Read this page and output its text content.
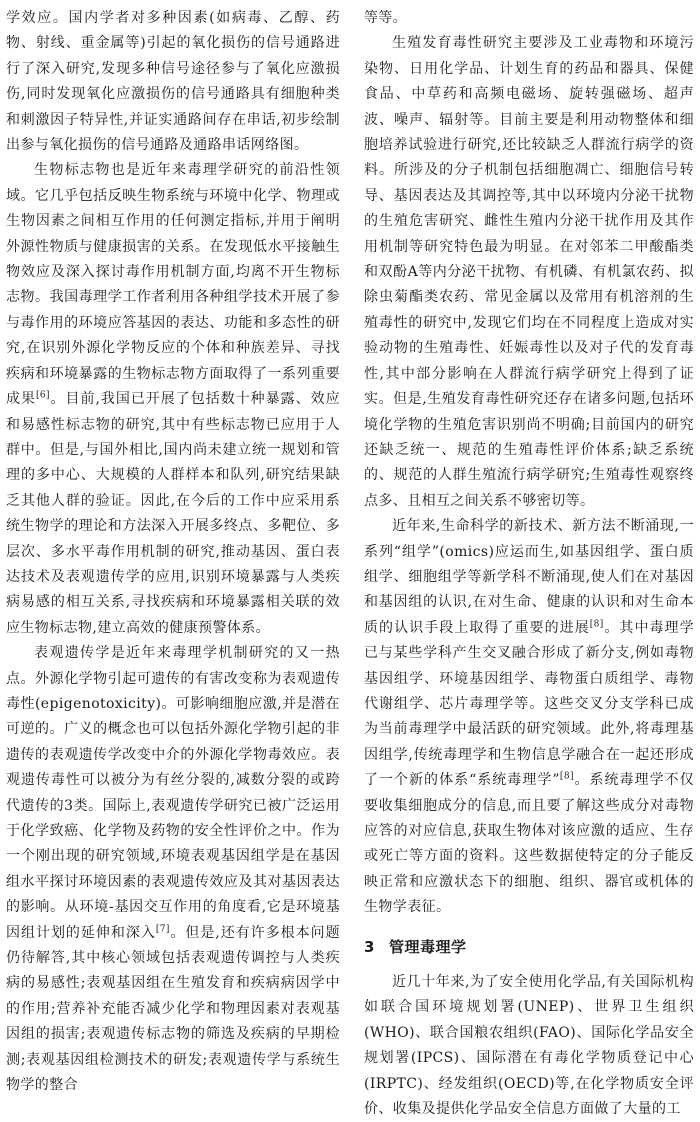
学效应。国内学者对多种因素(如病毒、乙醇、药物、射线、重金属等)引起的氧化损伤的信号通路进行了深入研究,发现多种信号途径参与了氧化应激损伤,同时发现氧化应激损伤的信号通路具有细胞种类和刺激因子特异性,并证实通路间存在串话,初步绘制出参与氧化损伤的信号通路及通路串话网络图。

生物标志物也是近年来毒理学研究的前沿性领域。它几乎包括反映生物系统与环境中化学、物理或生物因素之间相互作用的任何测定指标,并用于阐明外源性物质与健康损害的关系。在发现低水平接触生物效应及深入探讨毒作用机制方面,均离不开生物标志物。我国毒理学工作者利用各种组学技术开展了参与毒作用的环境应答基因的表达、功能和多态性的研究,在识别外源化学物反应的个体和种族差异、寻找疾病和环境暴露的生物标志物方面取得了一系列重要成果[6]。目前,我国已开展了包括数十种暴露、效应和易感性标志物的研究,其中有些标志物已应用于人群中。但是,与国外相比,国内尚未建立统一规划和管理的多中心、大规模的人群样本和队列,研究结果缺乏其他人群的验证。因此,在今后的工作中应采用系统生物学的理论和方法深入开展多终点、多靶位、多层次、多水平毒作用机制的研究,推动基因、蛋白表达技术及表观遗传学的应用,识别环境暴露与人类疾病易感的相互关系,寻找疾病和环境暴露相关联的效应生物标志物,建立高效的健康预警体系。

表观遗传学是近年来毒理学机制研究的又一热点。外源化学物引起可遗传的有害改变称为表观遗传毒性(epigenotoxicity)。可影响细胞应激,并是潜在可逆的。广义的概念也可以包括外源化学物引起的非遗传的表观遗传学改变中介的外源化学物毒效应。表观遗传毒性可以被分为有丝分裂的,减数分裂的或跨代遗传的3类。国际上,表观遗传学研究已被广泛运用于化学致癌、化学物及药物的安全性评价之中。作为一个刚出现的研究领域,环境表观基因组学是在基因组水平探讨环境因素的表观遗传效应及其对基因表达的影响。从环境-基因交互作用的角度看,它是环境基因组计划的延伸和深入[7]。但是,还有许多根本问题仍待解答,其中核心领域包括表观遗传调控与人类疾病的易感性;表观基因组在生殖发育和疾病病因学中的作用;营养补充能否减少化学和物理因素对表观基因组的损害;表观遗传标志物的筛选及疾病的早期检测;表观基因组检测技术的研发;表观遗传学与系统生物学的整合

等等。

生殖发育毒性研究主要涉及工业毒物和环境污染物、日用化学品、计划生育的药品和器具、保健食品、中草药和高频电磁场、旋转强磁场、超声波、噪声、辐射等。目前主要是利用动物整体和细胞培养试验进行研究,还比较缺乏人群流行病学的资料。所涉及的分子机制包括细胞凋亡、细胞信号转导、基因表达及其调控等,其中以环境内分泌干扰物的生殖危害研究、雌性生殖内分泌干扰作用及其作用机制等研究特色最为明显。在对邻苯二甲酸酯类和双酚A等内分泌干扰物、有机磷、有机氯农药、拟除虫菊酯类农药、常见金属以及常用有机溶剂的生殖毒性的研究中,发现它们均在不同程度上造成对实验动物的生殖毒性、妊娠毒性以及对子代的发育毒性,其中部分影响在人群流行病学研究上得到了证实。但是,生殖发育毒性研究还存在诸多问题,包括环境化学物的生殖危害识别尚不明确;目前国内的研究还缺乏统一、规范的生殖毒性评价体系;缺乏系统的、规范的人群生殖流行病学研究;生殖毒性观察终点多、且相互之间关系不够密切等。

近年来,生命科学的新技术、新方法不断涌现,一系列“组学”(omics)应运而生,如基因组学、蛋白质组学、细胞组学等新学科不断涌现,使人们在对基因和基因组的认识,在对生命、健康的认识和对生命本质的认识手段上取得了重要的进展[8]。其中毒理学已与某些学科产生交叉融合形成了新分支,例如毒物基因组学、环境基因组学、毒物蛋白质组学、毒物代谢组学、芯片毒理学等。这些交叉分支学科已成为当前毒理学中最活跃的研究领域。此外,将毒理基因组学,传统毒理学和生物信息学融合在一起还形成了一个新的体系“系统毒理学”[8]。系统毒理学不仅要收集细胞成分的信息,而且要了解这些成分对毒物应答的对应信息,获取生物体对该应激的适应、生存或死亡等方面的资料。这些数据使特定的分子能反映正常和应激状态下的细胞、组织、器官或机体的生物学表征。

3 管理毒理学

近几十年来,为了安全使用化学品,有关国际机构如联合国环境规划署(UNEP)、世界卫生组织(WHO)、联合国粮农组织(FAO)、国际化学品安全规划署(IPCS)、国际潜在有毒化学物质登记中心(IRPTC)、经发组织(OECD)等,在化学物质安全评价、收集及提供化学品安全信息方面做了大量的工
